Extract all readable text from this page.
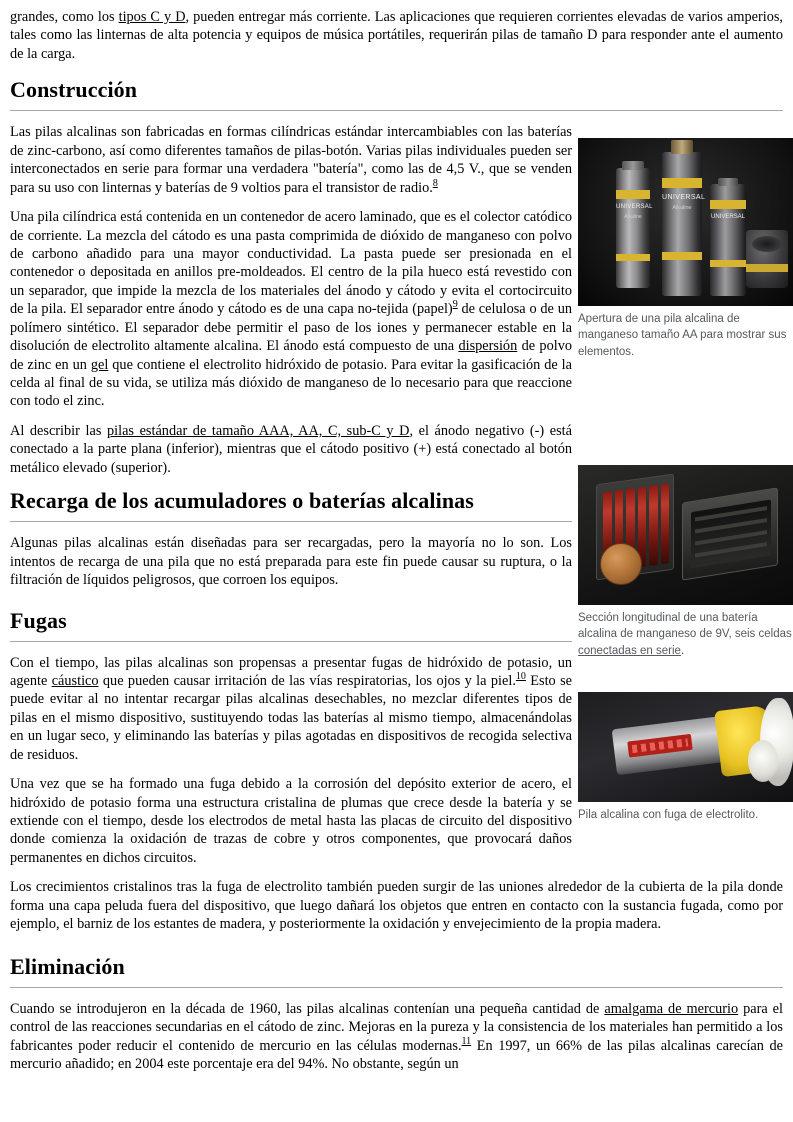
UNIVERSAL
Alkaline
UNIVERSAL
Alkaline
UNIVERSAL
Apertura de una pila alcalina de manganeso tamaño AA para mostrar sus elementos.
Sección longitudinal de una batería alcalina de manganeso de 9V, seis celdas conectadas en serie.
Pila alcalina con fuga de electrolito.

grandes, como los tipos C y D, pueden entregar más corriente. Las aplicaciones que requieren corrientes elevadas de varios amperios, tales como las linternas de alta potencia y equipos de música portátiles, requerirán pilas de tamaño D para responder ante el aumento de la carga.

Construcción

Las pilas alcalinas son fabricadas en formas cilíndricas estándar intercambiables con las baterías de zinc-carbono, así como diferentes tamaños de pilas-botón. Varias pilas individuales pueden ser interconectados en serie para formar una verdadera "batería", como las de 4,5 V., que se venden para su uso con linternas y baterías de 9 voltios para el transistor de radio.$^8$

Una pila cilíndrica está contenida en un contenedor de acero laminado, que es el colector catódico de corriente. La mezcla del cátodo es una pasta comprimida de dióxido de manganeso con polvo de carbono añadido para una mayor conductividad. La pasta puede ser presionada en el contenedor o depositada en anillos pre-moldeados. El centro de la pila hueco está revestido con un separador, que impide la mezcla de los materiales del ánodo y cátodo y evita el cortocircuito de la pila. El separador entre ánodo y cátodo es de una capa no-tejida (papel)$^9$ de celulosa o de un polímero sintético. El separador debe permitir el paso de los iones y permanecer estable en la disolución de electrolito altamente alcalina. El ánodo está compuesto de una dispersión de polvo de zinc en un gel que contiene el electrolito hidróxido de potasio. Para evitar la gasificación de la celda al final de su vida, se utiliza más dióxido de manganeso de lo necesario para que reaccione con todo el zinc.

Al describir las pilas estándar de tamaño AAA, AA, C, sub-C y D, el ánodo negativo (-) está conectado a la parte plana (inferior), mientras que el cátodo positivo (+) está conectado al botón metálico elevado (superior).

Recarga de los acumuladores o baterías alcalinas

Algunas pilas alcalinas están diseñadas para ser recargadas, pero la mayoría no lo son. Los intentos de recarga de una pila que no está preparada para este fin puede causar su ruptura, o la filtración de líquidos peligrosos, que corroen los equipos.

Fugas

Con el tiempo, las pilas alcalinas son propensas a presentar fugas de hidróxido de potasio, un agente cáustico que pueden causar irritación de las vías respiratorias, los ojos y la piel.$^{10}$ Esto se puede evitar al no intentar recargar pilas alcalinas desechables, no mezclar diferentes tipos de pilas en el mismo dispositivo, sustituyendo todas las baterías al mismo tiempo, almacenándolas en un lugar seco, y eliminando las baterías y pilas agotadas en dispositivos de recogida selectiva de residuos.

Una vez que se ha formado una fuga debido a la corrosión del depósito exterior de acero, el hidróxido de potasio forma una estructura cristalina de plumas que crece desde la batería y se extiende con el tiempo, desde los electrodos de metal hasta las placas de circuito del dispositivo donde comienza la oxidación de trazas de cobre y otros componentes, que provocará daños permanentes en dichos circuitos.

Los crecimientos cristalinos tras la fuga de electrolito también pueden surgir de las uniones alrededor de la cubierta de la pila donde forma una capa peluda fuera del dispositivo, que luego dañará los objetos que entren en contacto con la sustancia fugada, como por ejemplo, el barniz de los estantes de madera, y posteriormente la oxidación y envejecimiento de la propia madera.

Eliminación

Cuando se introdujeron en la década de 1960, las pilas alcalinas contenían una pequeña cantidad de amalgama de mercurio para el control de las reacciones secundarias en el cátodo de zinc. Mejoras en la pureza y la consistencia de los materiales han permitido a los fabricantes poder reducir el contenido de mercurio en las células modernas.$^{11}$ En 1997, un 66% de las pilas alcalinas carecían de mercurio añadido; en 2004 este porcentaje era del 94%. No obstante, según un
